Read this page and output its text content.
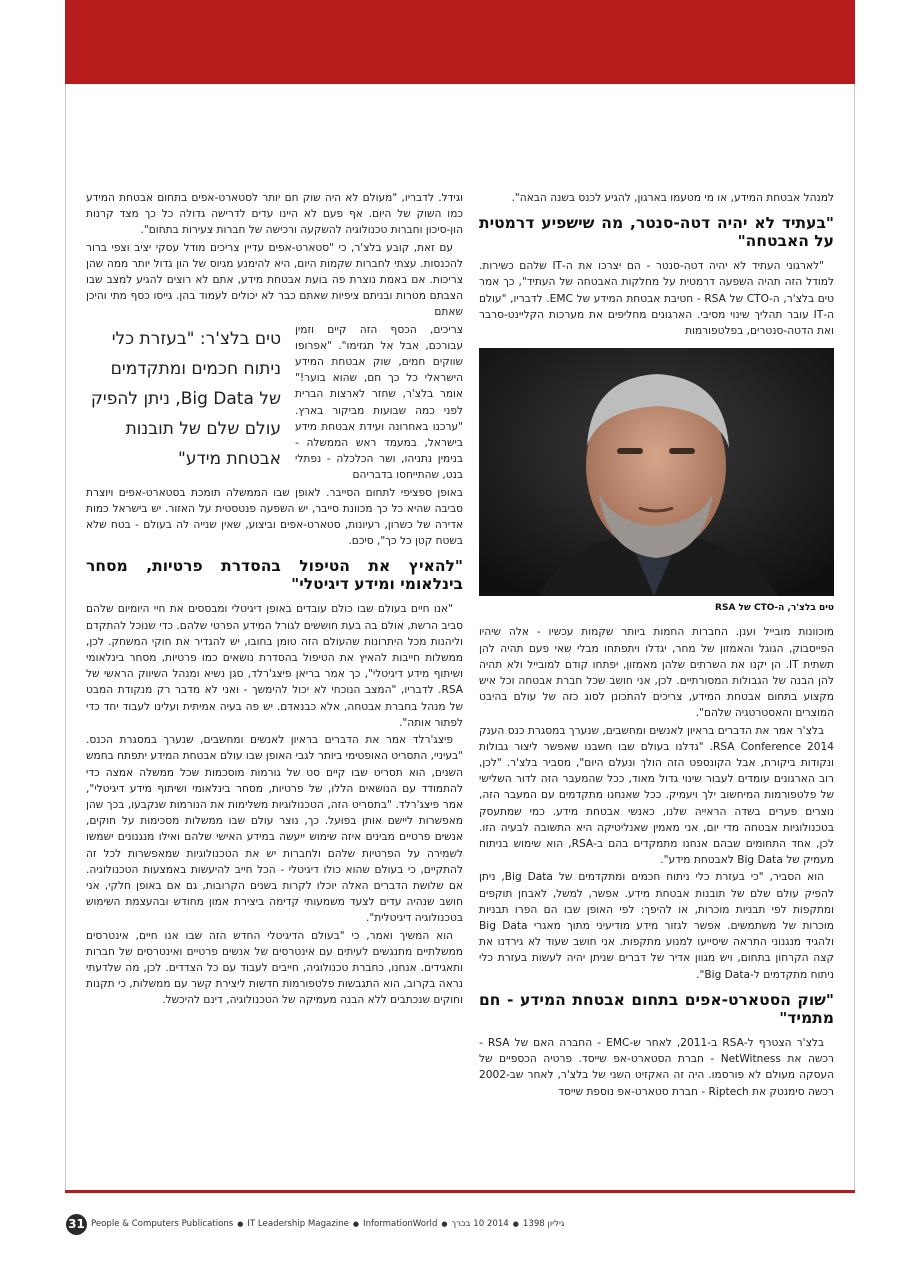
למנהל אבטחת המידע, או מי מטעמו בארגון, להגיע לכנס בשנה הבאה".

"בעתיד לא יהיה דטה-סנטר, מה שישפיע דרמטית על האבטחה"

"לארגוני העתיד לא יהיה דטה-סנטר - הם יצרכו את ה-IT שלהם כשירות. למודל הזה תהיה השפעה דרמטית על מחלקות האבטחה של העתיד", כך אמר טים בלצ'ר, ה-CTO של RSA - חטיבת אבטחת המידע של EMC. לדבריו, "עולם ה-IT עובר תהליך שינוי מסיבי. הארגונים מחליפים את מערכות הקליינט-סרבר ואת הדטה-סנטרים, בפלטפורמות

טים בלצ'ר, ה-CTO של RSA

מוכוונות מובייל וענן. החברות החמות ביותר שקמות עכשיו - אלה שיהיו הפייסבוק, הגוגל והאמזון של מחר, יגדלו ויתפתחו מבלי שאי פעם תהיה להן תשתית IT. הן יקנו את השרתים שלהן מאמזון, יפתחו קודם למובייל ולא תהיה להן הבנה של הגבולות המסורתיים. לכן, אני חושב שכל חברת אבטחה וכל איש מקצוע בתחום אבטחת המידע, צריכים להתכונן לסוג כזה של עולם בהיבט המוצרים והאסטרטגיה שלהם".

בלצ'ר אמר את הדברים בראיון לאנשים ומחשבים, שנערך במסגרת כנס הענק RSA Conference 2014. "גדלנו בעולם שבו חשבנו שאפשר ליצור גבולות ונקודות ביקורת, אבל הקונספט הזה הולך ונעלם היום", מסביר בלצ'ר. "לכן, רוב הארגונים עומדים לעבור שינוי גדול מאוד, ככל שהמעבר הזה לדור השלישי של פלטפורמות המיחשוב ילך ויעמיק. ככל שאנחנו מתקדמים עם המעבר הזה, נוצרים פערים בשדה הראייה שלנו, כאנשי אבטחת מידע. כמי שמתעסק בטכנולוגיות אבטחה מדי יום, אני מאמין שאנליטיקה היא התשובה לבעיה הזו. לכן, אחד התחומים שבהם אנחנו מתמקדים בהם ב-RSA, הוא שימוש בניתוח מעמיק של Big Data לאבטחת מידע".

הוא הסביר, "כי בעזרת כלי ניתוח חכמים ומתקדמים של Big Data, ניתן להפיק עולם שלם של תובנות אבטחת מידע. אפשר, למשל, לאבחן תוקפים ומתקפות לפי תבניות מוכרות, או להיפך: לפי האופן שבו הם הפרו תבניות מוכרות של משתמשים. אפשר לגזור מידע מודיעיני מתוך מאגרי Big Data ולהגיד מנגנוני התראה שיסייעו למנוע מתקפות. אני חושב שעוד לא גירדנו את קצה הקרחון בתחום, ויש מגוון אדיר של דברים שניתן יהיה לעשות בעזרת כלי ניתוח מתקדמים ל-Big Data".

"שוק הסטארט-אפים בתחום אבטחת המידע - חם מתמיד"

בלצ'ר הצטרף ל-RSA ב-2011, לאחר ש-EMC - החברה האם של RSA - רכשה את NetWitness - חברת הסטארט-אפ שייסד. פרטיה הכספיים של העסקה מעולם לא פורסמו. היה זה האקזיט השני של בלצ'ר, לאחר שב-2002 רכשה סימנטק את Riptech - חברת סטארט-אפ נוספת שייסד

וגידל. לדבריו, "מעולם לא היה שוק חם יותר לסטארט-אפים בתחום אבטחת המידע כמו השוק של היום. אף פעם לא היינו עדים לדרישה גדולה כל כך מצד קרנות הון-סיכון וחברות טכנולוגיה להשקעה ורכישה של חברות צעירות בתחום".

עם זאת, קובע בלצ'ר, כי "סטארט-אפים עדיין צריכים מודל עסקי יציב וצפי ברור להכנסות. עצתי לחברות שקמות היום, היא להימנע מגיוס של הון גדול יותר ממה שהן צריכות. אם באמת נוצרת פה בועת אבטחת מידע, אתם לא רוצים להגיע למצב שבו הצבתם מטרות ובניתם ציפיות שאתם כבר לא יכולים לעמוד בהן. גייסו כסף מתי והיכן שאתם

צריכים, הכסף הזה קיים וזמין עבורכם, אבל אל תגזימו". "אפרופו שווקים חמים, שוק אבטחת המידע הישראלי כל כך חם, שהוא בוער!" אומר בלצ'ר, שחזר לארצות הברית לפני כמה שבועות מביקור בארץ. "ערכנו באחרונה ועידת אבטחת מידע בישראל, במעמד ראש הממשלה - בנימין נתניהו, ושר הכלכלה - נפתלי בנט, שהתייחסו בדבריהם

טים בלצ'ר: "בעזרת כלי ניתוח חכמים ומתקדמים של Big Data, ניתן להפיק עולם שלם של תובנות אבטחת מידע"

באופן ספציפי לתחום הסייבר. לאופן שבו הממשלה תומכת בסטארט-אפים ויוצרת סביבה שהיא כל כך מכוונת סייבר, יש השפעה פנטסטית על האזור. יש בישראל כמות אדירה של כשרון, רעיונות, סטארט-אפים וביצוע, שאין שנייה לה בעולם - בטח שלא בשטח קטן כל כך", סיכם.

"להאיץ את הטיפול בהסדרת פרטיות, מסחר בינלאומי ומידע דיגיטלי"

"אנו חיים בעולם שבו כולם עובדים באופן דיגיטלי ומבססים את חיי היומיום שלהם סביב הרשת, אולם בה בעת חוששים לגורל המידע הפרטי שלהם. כדי שנוכל להתקדם וליהנות מכל היתרונות שהעולם הזה טומן בחובו, יש להגדיר את חוקי המשחק. לכן, ממשלות חייבות להאיץ את הטיפול בהסדרת נושאים כמו פרטיות, מסחר בינלאומי ושיתוף מידע דיגיטלי", כך אמר בריאן פיצג'רלד, סגן נשיא ומנהל השיווק הראשי של RSA. לדבריו, "המצב הנוכחי לא יכול להימשך - ואני לא מדבר רק מנקודת המבט של מנהל בחברת אבטחה, אלא כבנאדם. יש פה בעיה אמיתית ועלינו לעבוד יחד כדי לפתור אותה".

פיצג'רלד אמר את הדברים בראיון לאנשים ומחשבים, שנערך במסגרת הכנס. "בעיניי, התסריט האופטימי ביותר לגבי האופן שבו עולם אבטחת המידע יתפתח בחמש השנים, הוא תסריט שבו קיים סט של גורמות מוסכמות שכל ממשלה אמצה כדי להתמודד עם הנושאים הללו, של פרטיות, מסחר בינלאומי ושיתוף מידע דיגיטלי", אמר פיצג'רלד. "בתסריט הזה, הטכנולוגיות משלימות את הנורמות שנקבעו, בכך שהן מאפשרות ליישם אותן בפועל. כך, נוצר עולם שבו ממשלות מסכימות על חוקים, אנשים פרטיים מבינים איזה שימוש ייעשה במידע האישי שלהם ואילו מנגנונים ישמשו לשמירה על הפרטיות שלהם ולחברות יש את הטכנולוגיות שמאפשרות לכל זה להתקיים, כי בעולם שהוא כולו דיגיטלי - הכל חייב להיעשות באמצעות הטכנולוגיה. אם שלושת הדברים האלה יוכלו לקרות בשנים הקרובות, גם אם באופן חלקי, אני חושב שנהיה עדים לצעד משמעותי קדימה ביצירת אמון מחודש ובהעצמת השימוש בטכנולוגיה דיגיטלית".

הוא המשיך ואמר, כי "בעולם הדיגיטלי החדש הזה שבו אנו חיים, אינטרסים ממשלתיים מתנגשים לעיתים עם אינטרסים של אנשים פרטיים ואינטרסים של חברות ותאגידים. אנחנו, כחברת טכנולוגיה, חייבים לעבוד עם כל הצדדים. לכן, מה שלדעתי נראה בקרוב, הוא התגבשות פלטפורמות חדשות ליצירת קשר עם ממשלות, כי תקנות וחוקים שנכתבים ללא הבנה מעמיקה של הטכנולוגיה, דינם להיכשל.

31 People & Computers Publications ● IT Leadership Magazine ● InformationWorld ● 2014 10 בכרך ● גיליון 1398
